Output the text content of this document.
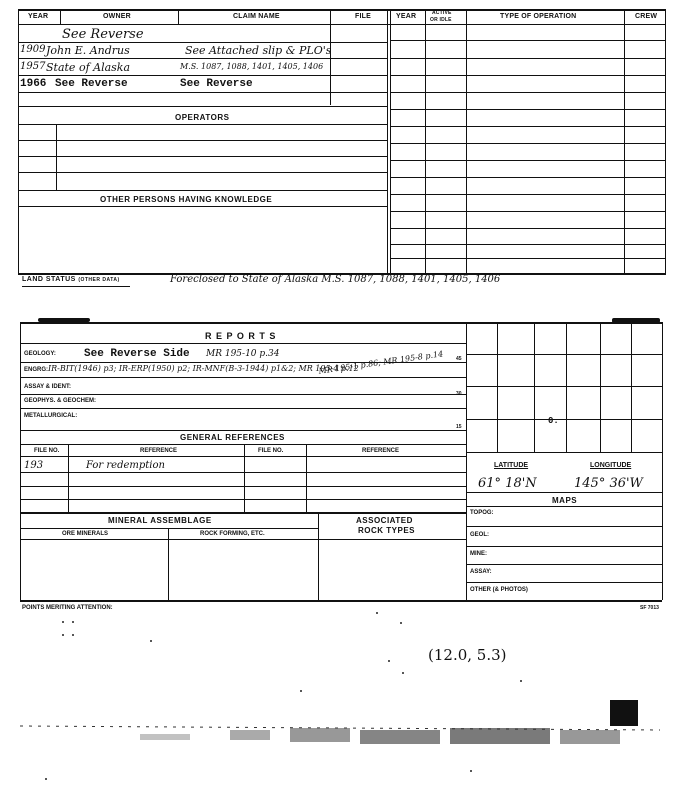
YEAR	OWNER	CLAIM NAME	FILE	YEAR	ACTIVE
OR IDLE	TYPE OF OPERATION	CREW
See Reverse
1909 John E. Andrus	See Attached slip & PLO's
1957 State of Alaska	M.S. 1087, 1088, 1401, 1405, 1406
1966 See Reverse	See Reverse
OPERATORS
OTHER PERSONS HAVING KNOWLEDGE
LAND STATUS (OTHER DATA)	Foreclosed to State of Alaska M.S. 1087, 1088, 1401, 1405, 1406
R E P O R T S
GEOLOGY:	See Reverse Side MR 195-10 p.34	MR 195-1 p.86; MR 195-8 p.14
ENGRG: IR-BIT(1946) p3; IR-ERP(1950) p2; IR-MNF(B-3-1944) p1&2; MR 195-4 p.12
ASSAY & IDENT:
GEOPHYS. & GEOCHEM:
METALLURGICAL:
45
30
15
GENERAL REFERENCES
FILE NO.	REFERENCE	FILE NO.	REFERENCE
193	For redemption
MINERAL ASSEMBLAGE	ASSOCIATED
ROCK TYPES
ORE MINERALS	ROCK FORMING, ETC.
0.
LATITUDE	LONGITUDE
61° 18'N	145° 36'W
MAPS
TOPOG:
GEOL:
MINE:
ASSAY:
OTHER (& PHOTOS)
POINTS MERITING ATTENTION:	SF 7013
(12.0, 5.3)
